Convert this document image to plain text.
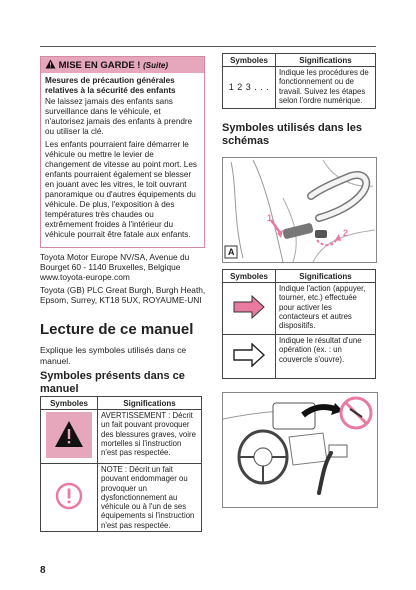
MISE EN GARDE ! (Suite)
Mesures de précaution générales relatives à la sécurité des enfants

Ne laissez jamais des enfants sans surveillance dans le véhicule, et n'autorisez jamais des enfants à prendre ou utiliser la clé.

Les enfants pourraient faire démarrer le véhicule ou mettre le levier de changement de vitesse au point mort. Les enfants pourraient également se blesser en jouant avec les vitres, le toit ouvrant panoramique ou d'autres équipements du véhicule. De plus, l'exposition à des températures très chaudes ou extrêmement froides à l'intérieur du véhicule pourrait être fatale aux enfants.

Toyota Motor Europe NV/SA, Avenue du Bourget 60 - 1140 Bruxelles, Belgique www.toyota-europe.com
Toyota (GB) PLC Great Burgh, Burgh Heath, Epsom, Surrey, KT18 5UX, ROYAUME-UNI
Lecture de ce manuel
Explique les symboles utilisés dans ce manuel.
Symboles présents dans ce manuel
Symboles	Significations
	AVERTISSEMENT : Décrit un fait pouvant provoquer des blessures graves, voire mortelles si l'instruction n'est pas respectée.
	NOTE : Décrit un fait pouvant endommager ou provoquer un dysfonctionnement au véhicule ou à l'un de ses équipements si l'instruction n'est pas respectée.
Symboles	Significations
1 2 3 . . .	Indique les procédures de fonctionnement ou de travail. Suivez les étapes selon l'ordre numérique.
Symboles utilisés dans les schémas
A
1
2
Symboles	Significations
	Indique l'action (appuyer, tourner, etc.) effectuée pour activer les contacteurs et autres dispositifs.
	Indique le résultat d'une opération (ex. : un couvercle s'ouvre).
8
